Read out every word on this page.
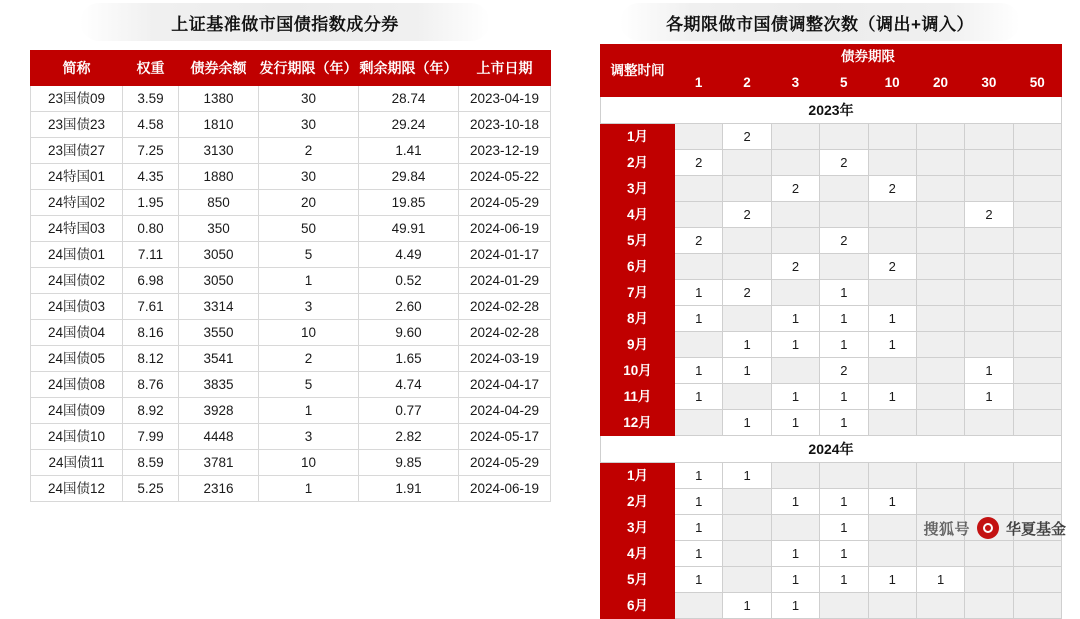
上证基准做市国债指数成分券
简称	权重	债券余额	发行期限（年）	剩余期限（年）	上市日期
23国债09	3.59	1380	30	28.74	2023-04-19
23国债23	4.58	1810	30	29.24	2023-10-18
23国债27	7.25	3130	2	1.41	2023-12-19
24特国01	4.35	1880	30	29.84	2024-05-22
24特国02	1.95	850	20	19.85	2024-05-29
24特国03	0.80	350	50	49.91	2024-06-19
24国债01	7.11	3050	5	4.49	2024-01-17
24国债02	6.98	3050	1	0.52	2024-01-29
24国债03	7.61	3314	3	2.60	2024-02-28
24国债04	8.16	3550	10	9.60	2024-02-28
24国债05	8.12	3541	2	1.65	2024-03-19
24国债08	8.76	3835	5	4.74	2024-04-17
24国债09	8.92	3928	1	0.77	2024-04-29
24国债10	7.99	4448	3	2.82	2024-05-17
24国债11	8.59	3781	10	9.85	2024-05-29
24国债12	5.25	2316	1	1.91	2024-06-19
各期限做市国债调整次数（调出+调入）
调整时间	债券期限							
	1	2	3	5	10	20	30	50
2023年								
1月		2						
2月	2			2				
3月			2		2			
4月		2					2	
5月	2			2				
6月			2		2			
7月	1	2		1				
8月	1		1	1	1			
9月		1	1	1	1			
10月	1	1		2			1	
11月	1		1	1	1		1	
12月		1	1	1				
2024年								
1月	1	1						
2月	1		1	1	1			
3月	1			1				
4月	1		1	1				
5月	1		1	1	1	1		
6月		1	1					
搜狐号 华夏基金
